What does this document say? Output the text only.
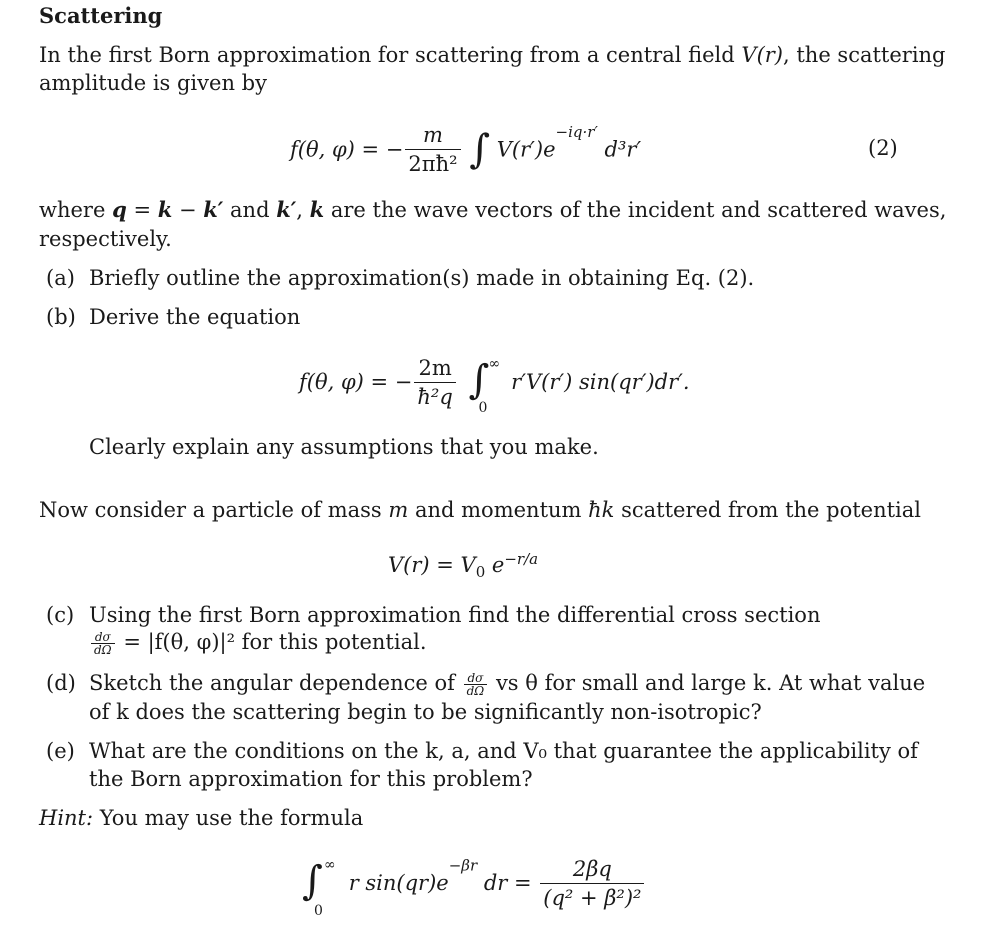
Scattering
In the first Born approximation for scattering from a central field V(r), the scattering
amplitude is given by
f(θ, φ) = − $\frac{m}{\text{2πħ²}}$ ∫ $V(r')e^{-iq\cdot r'}$ d³r′	(2)
where q = k − k′ and k′, k are the wave vectors of the incident and scattered waves,
respectively.
(a) Briefly outline the approximation(s) made in obtaining Eq. (2).
(b) Derive the equation
f(θ, φ) = − $\frac{2m}{\text{ħ²q}}$
∫ ∞
0
r′V(r′) sin(qr′)dr′.
Clearly explain any assumptions that you make.
Now consider a particle of mass m and momentum ħk scattered from the potential
$V(r) = V_0$ $e^{-r/a}$
(c) Using the first Born approximation find the differential cross section
$\frac{d\sigma}{d\Omega} = |f(\theta$, φ)|² for this potential.
(d) Sketch the angular dependence of $\frac{d\sigma}{d\Omega}$ vs θ for small and large k. At what value
of k does the scattering begin to be significantly non-isotropic?
(e) What are the conditions on the k, a, and V₀ that guarantee the applicability of
the Born approximation for this problem?
Hint: You may use the formula
∫ ∞
0
r $\sin(qr)e^{-\beta r}$ dr = $\frac{2\beta q}{\text{(q² + β²)²}}$
